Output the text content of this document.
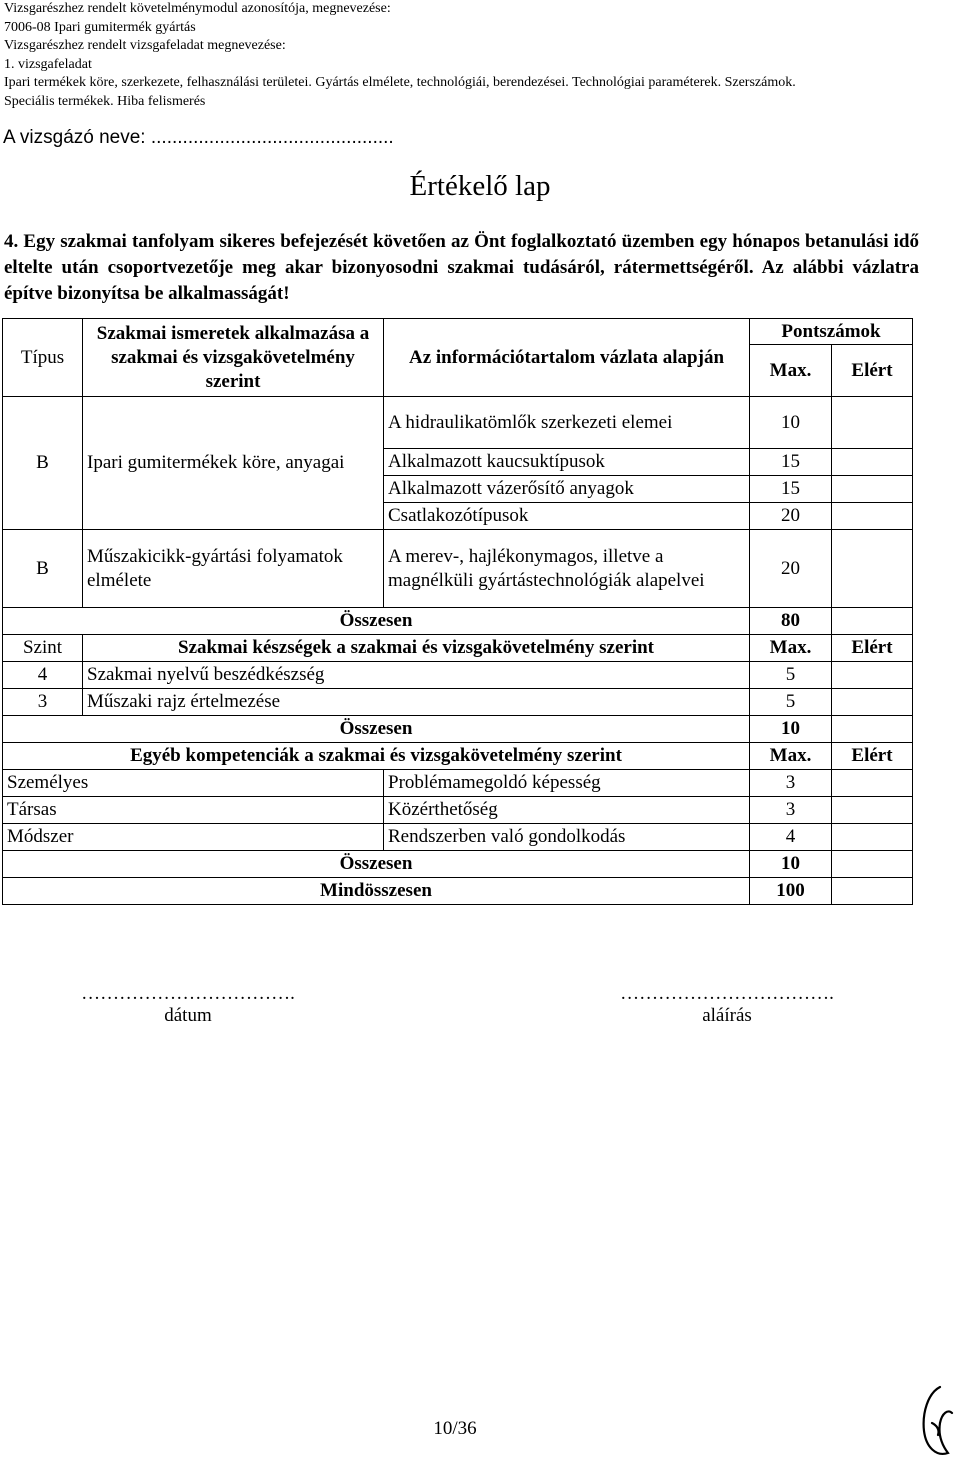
Vizsgarészhez rendelt követelménymodul azonosítója, megnevezése:
7006-08 Ipari gumitermék gyártás
Vizsgarészhez rendelt vizsgafeladat megnevezése:
1. vizsgafeladat
Ipari termékek köre, szerkezete, felhasználási területei. Gyártás elmélete, technológiái, berendezései. Technológiai paraméterek. Szerszámok.
Speciális termékek. Hiba felismerés
A vizsgázó neve: ..............................................
Értékelő lap
4. Egy szakmai tanfolyam sikeres befejezését követően az Önt foglalkoztató üzemben egy hónapos betanulási idő eltelte után csoportvezetője meg akar bizonyosodni szakmai tudásáról, rátermettségéről. Az alábbi vázlatra építve bizonyítsa be alkalmasságát!
Típus	Szakmai ismeretek alkalmazása a szakmai és vizsgakövetelmény szerint	Az információtartalom vázlata alapján	Pontszámok	
			Max.	Elért
B	Ipari gumitermékek köre, anyagai	A hidraulikatömlők szerkezeti elemei	10	
		Alkalmazott kaucsuktípusok	15	
		Alkalmazott vázerősítő anyagok	15	
		Csatlakozótípusok	20	
B	Műszakicikk-gyártási folyamatok elmélete	A merev-, hajlékonymagos, illetve a magnélküli gyártástechnológiák alapelvei	20	
Összesen			80	
Szint	Szakmai készségek a szakmai és vizsgakövetelmény szerint		Max.	Elért
4	Szakmai nyelvű beszédkészség		5	
3	Műszaki rajz értelmezése		5	
Összesen			10	
Egyéb kompetenciák a szakmai és vizsgakövetelmény szerint			Max.	Elért
Személyes		Problémamegoldó képesség	3	
Társas		Közérthetőség	3	
Módszer		Rendszerben való gondolkodás	4	
Összesen			10	
Mindösszesen			100	
…………………………….
dátum
…………………………….
aláírás
10/36
